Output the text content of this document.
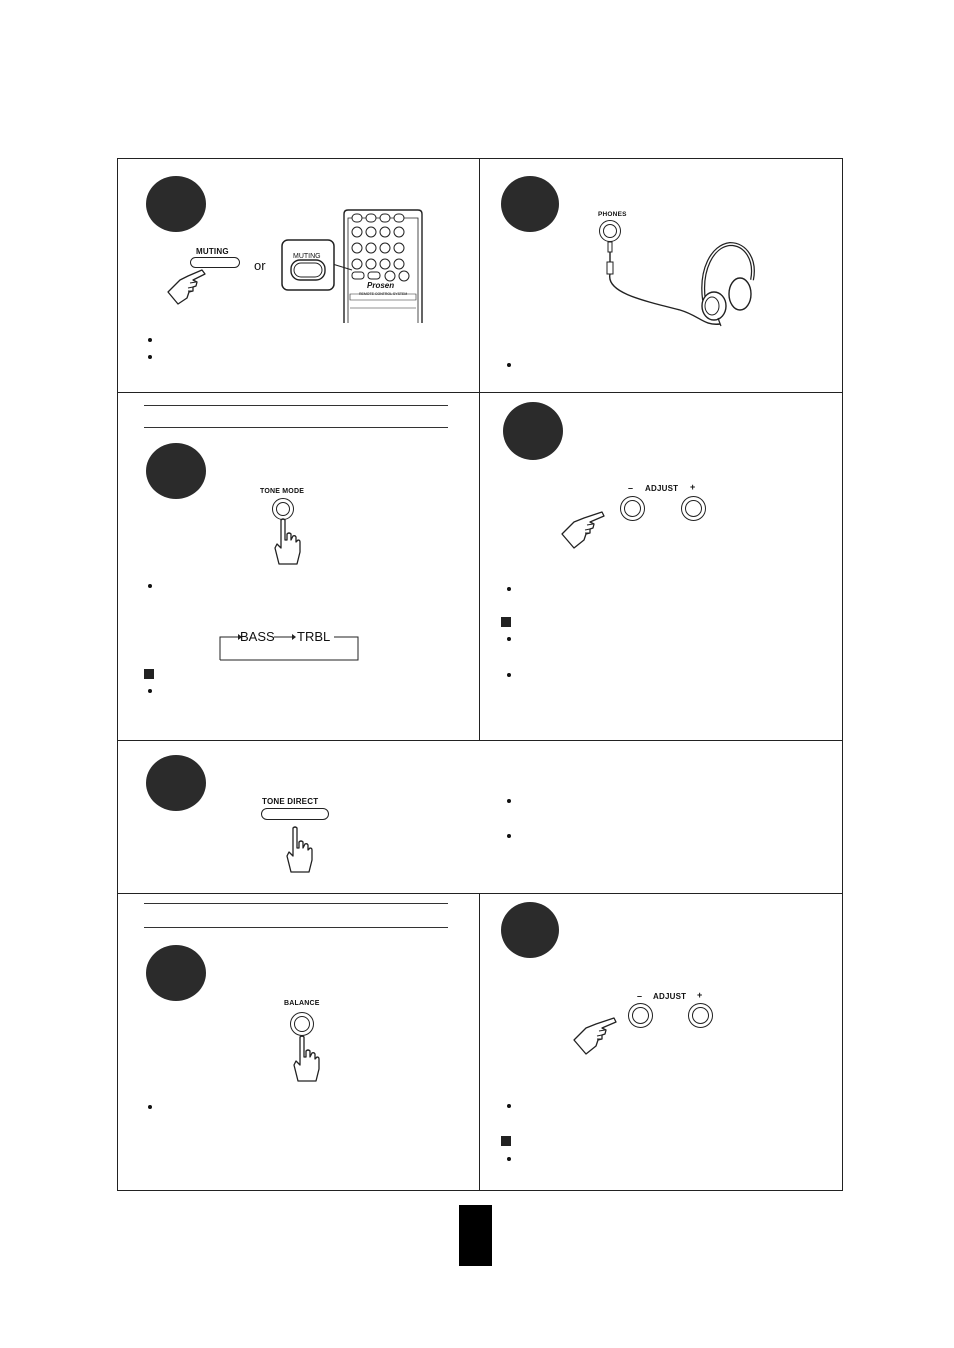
MUTING
or
MUTING
Prosen
REMOTE CONTROL SYSTEM
PHONES
TONE MODE
BASS TRBL
– ADJUST +
TONE DIRECT
BALANCE
– ADJUST +
